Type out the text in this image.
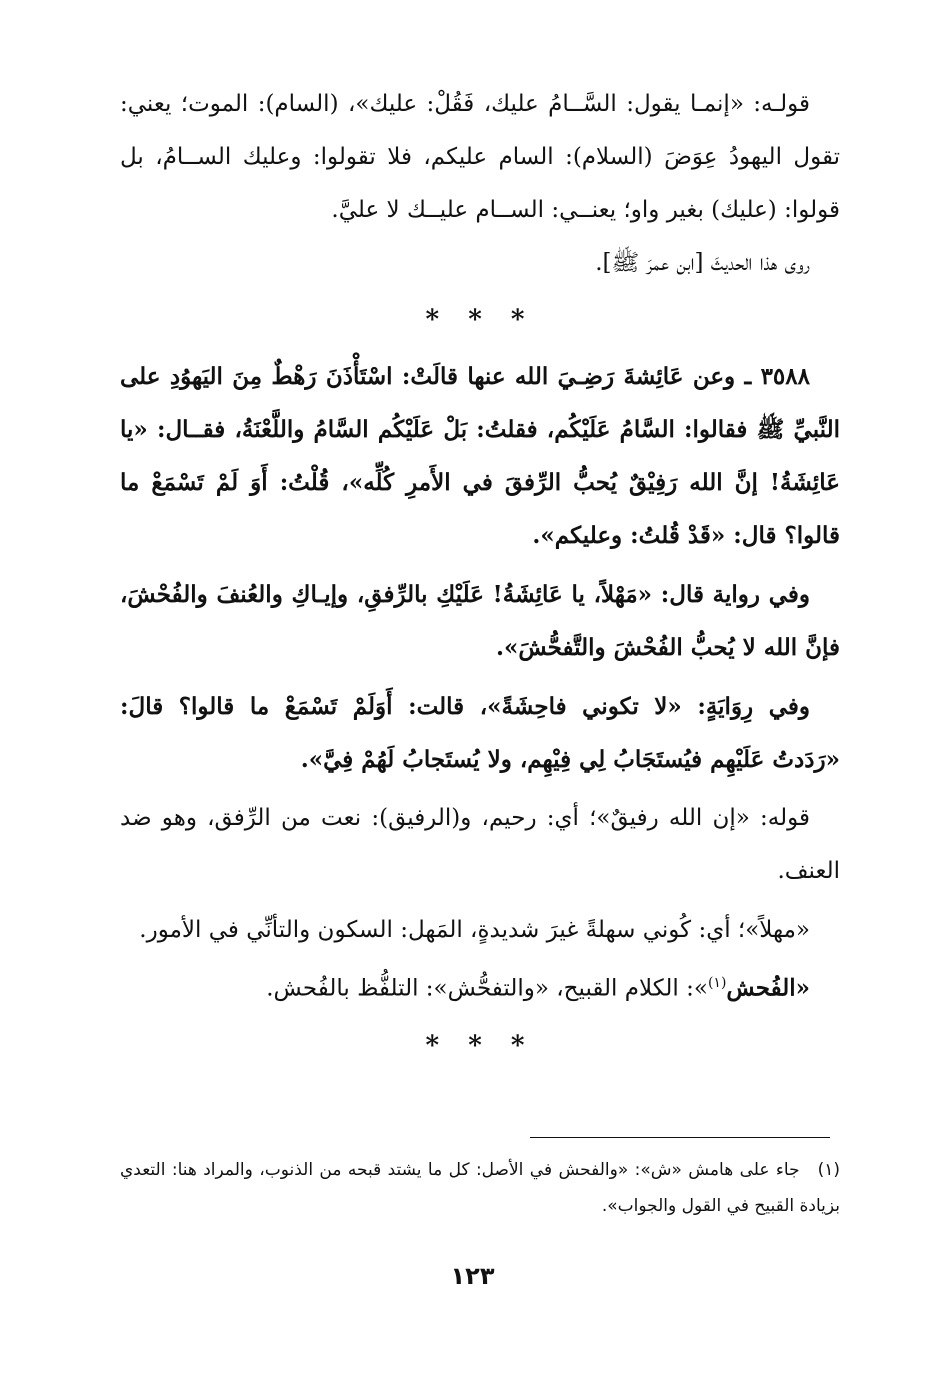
قولـه: «إنمـا يقول: السَّــامُ عليك، فَقُلْ: عليك»، (السام): الموت؛ يعني: تقول اليهودُ عِوَضَ (السلام): السام عليكم، فلا تقولوا: وعليك الســامُ، بل قولوا: (عليك) بغير واو؛ يعنــي: الســام عليــك لا عليَّ.

روى هذا الحديثَ [ابن عمرَ ﷺ].

* * *

٣٥٨٨ ـ وعن عَائِشةَ رَضِـيَ الله عنها قالَتْ: اسْتَأْذَنَ رَهْطٌ مِنَ اليَهوُدِ على النَّبيِّ ﷺ فقالوا: السَّامُ عَلَيْكُم، فقلتُ: بَلْ عَلَيْكُم السَّامُ واللَّعْنَةُ، فقــال: «يا عَائِشَةُ! إنَّ الله رَفِيْقٌ يُحبُّ الرِّفقَ في الأَمرِ كُلِّه»، قُلْتُ: أَوَ لَمْ تَسْمَعْ ما قالوا؟ قال: «قَدْ قُلتُ: وعليكم».

وفي رواية قال: «مَهْلاً، يا عَائِشَةُ! عَلَيْكِ بالرِّفقِ، وإيـاكِ والعُنفَ والفُحْشَ، فإنَّ الله لا يُحبُّ الفُحْشَ والتَّفحُّشَ».

وفي رِوَايَةٍ: «لا تكوني فاحِشَةً»، قالت: أَوَلَمْ تَسْمَعْ ما قالوا؟ قالَ: «رَدَدتُ عَلَيْهِم فيُستَجَابُ لِي فِيْهِم، ولا يُستَجابُ لَهُمْ فِيَّ».

قوله: «إن الله رفيقٌ»؛ أي: رحيم، و(الرفيق): نعت من الرِّفق، وهو ضد العنف.

«مهلاً»؛ أي: كُوني سهلةً غيرَ شديدةٍ، المَهل: السكون والتأنِّي في الأمور.

«الفُحش$^{(١)}$»: الكلام القبيح، «والتفحُّش»: التلفُّظ بالفُحش.

* * *

(١)جاء على هامش «ش»: «والفحش في الأصل: كل ما يشتد قبحه من الذنوب، والمراد هنا: التعدي بزيادة القبيح في القول والجواب».

١٢٣
